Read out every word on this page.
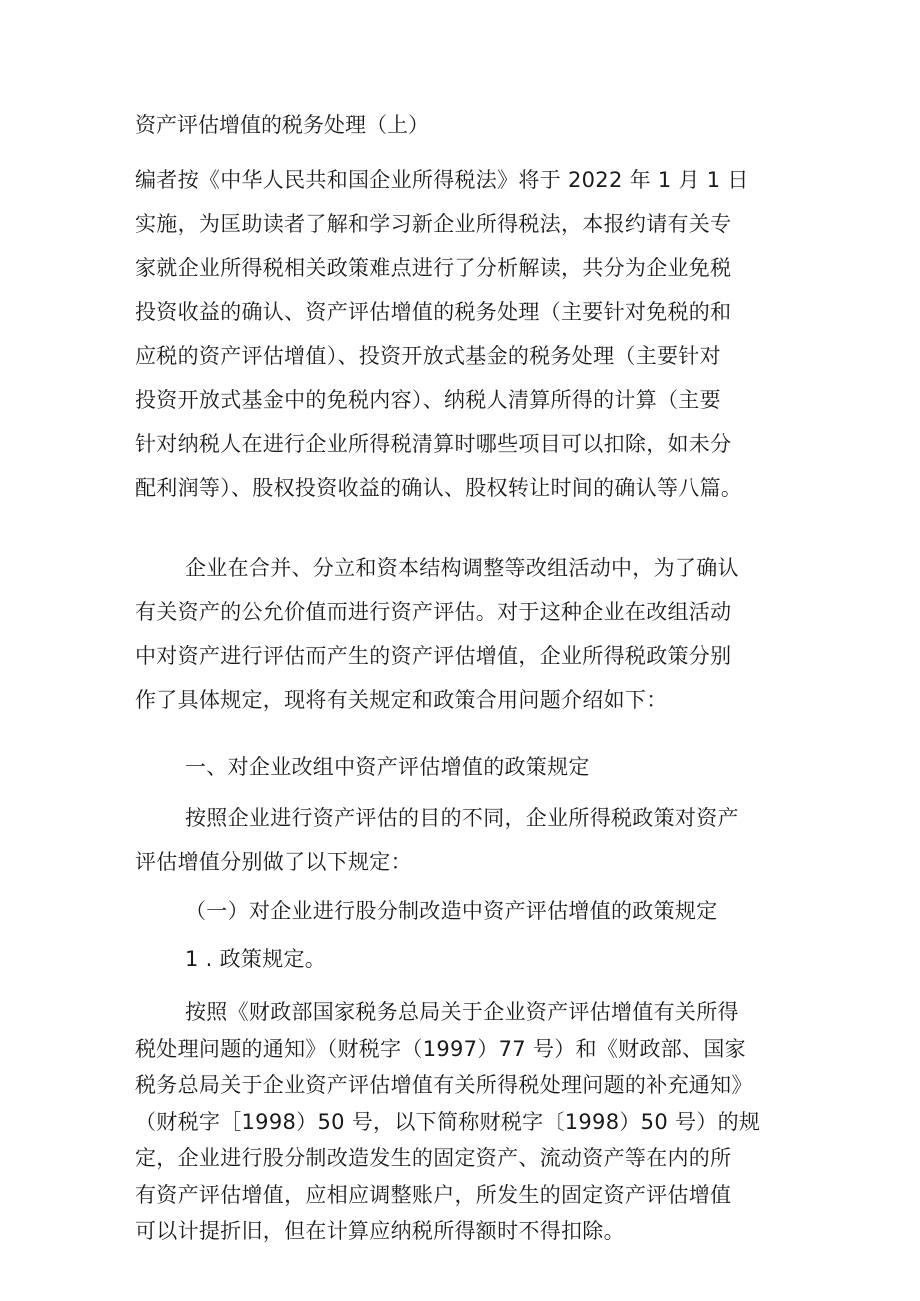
资产评估增值的税务处理（上）
编者按《中华人民共和国企业所得税法》将于 2022 年 1 月 1 日
实施，为匡助读者了解和学习新企业所得税法，本报约请有关专
家就企业所得税相关政策难点进行了分析解读，共分为企业免税
投资收益的确认、资产评估增值的税务处理（主要针对免税的和
应税的资产评估增值）、投资开放式基金的税务处理（主要针对
投资开放式基金中的免税内容）、纳税人清算所得的计算（主要
针对纳税人在进行企业所得税清算时哪些项目可以扣除，如未分
配利润等）、股权投资收益的确认、股权转让时间的确认等八篇。
企业在合并、分立和资本结构调整等改组活动中，为了确认
有关资产的公允价值而进行资产评估。对于这种企业在改组活动
中对资产进行评估而产生的资产评估增值，企业所得税政策分别
作了具体规定，现将有关规定和政策合用问题介绍如下：
一、对企业改组中资产评估增值的政策规定
按照企业进行资产评估的目的不同，企业所得税政策对资产
评估增值分别做了以下规定：
（一）对企业进行股分制改造中资产评估增值的政策规定
1 . 政策规定。
按照《财政部国家税务总局关于企业资产评估增值有关所得
税处理问题的通知》（财税字（1997）77 号）和《财政部、国家
税务总局关于企业资产评估增值有关所得税处理问题的补充通知》
（财税字［1998）50 号，以下简称财税字〔1998）50 号）的规
定，企业进行股分制改造发生的固定资产、流动资产等在内的所
有资产评估增值，应相应调整账户，所发生的固定资产评估增值
可以计提折旧，但在计算应纳税所得额时不得扣除。
